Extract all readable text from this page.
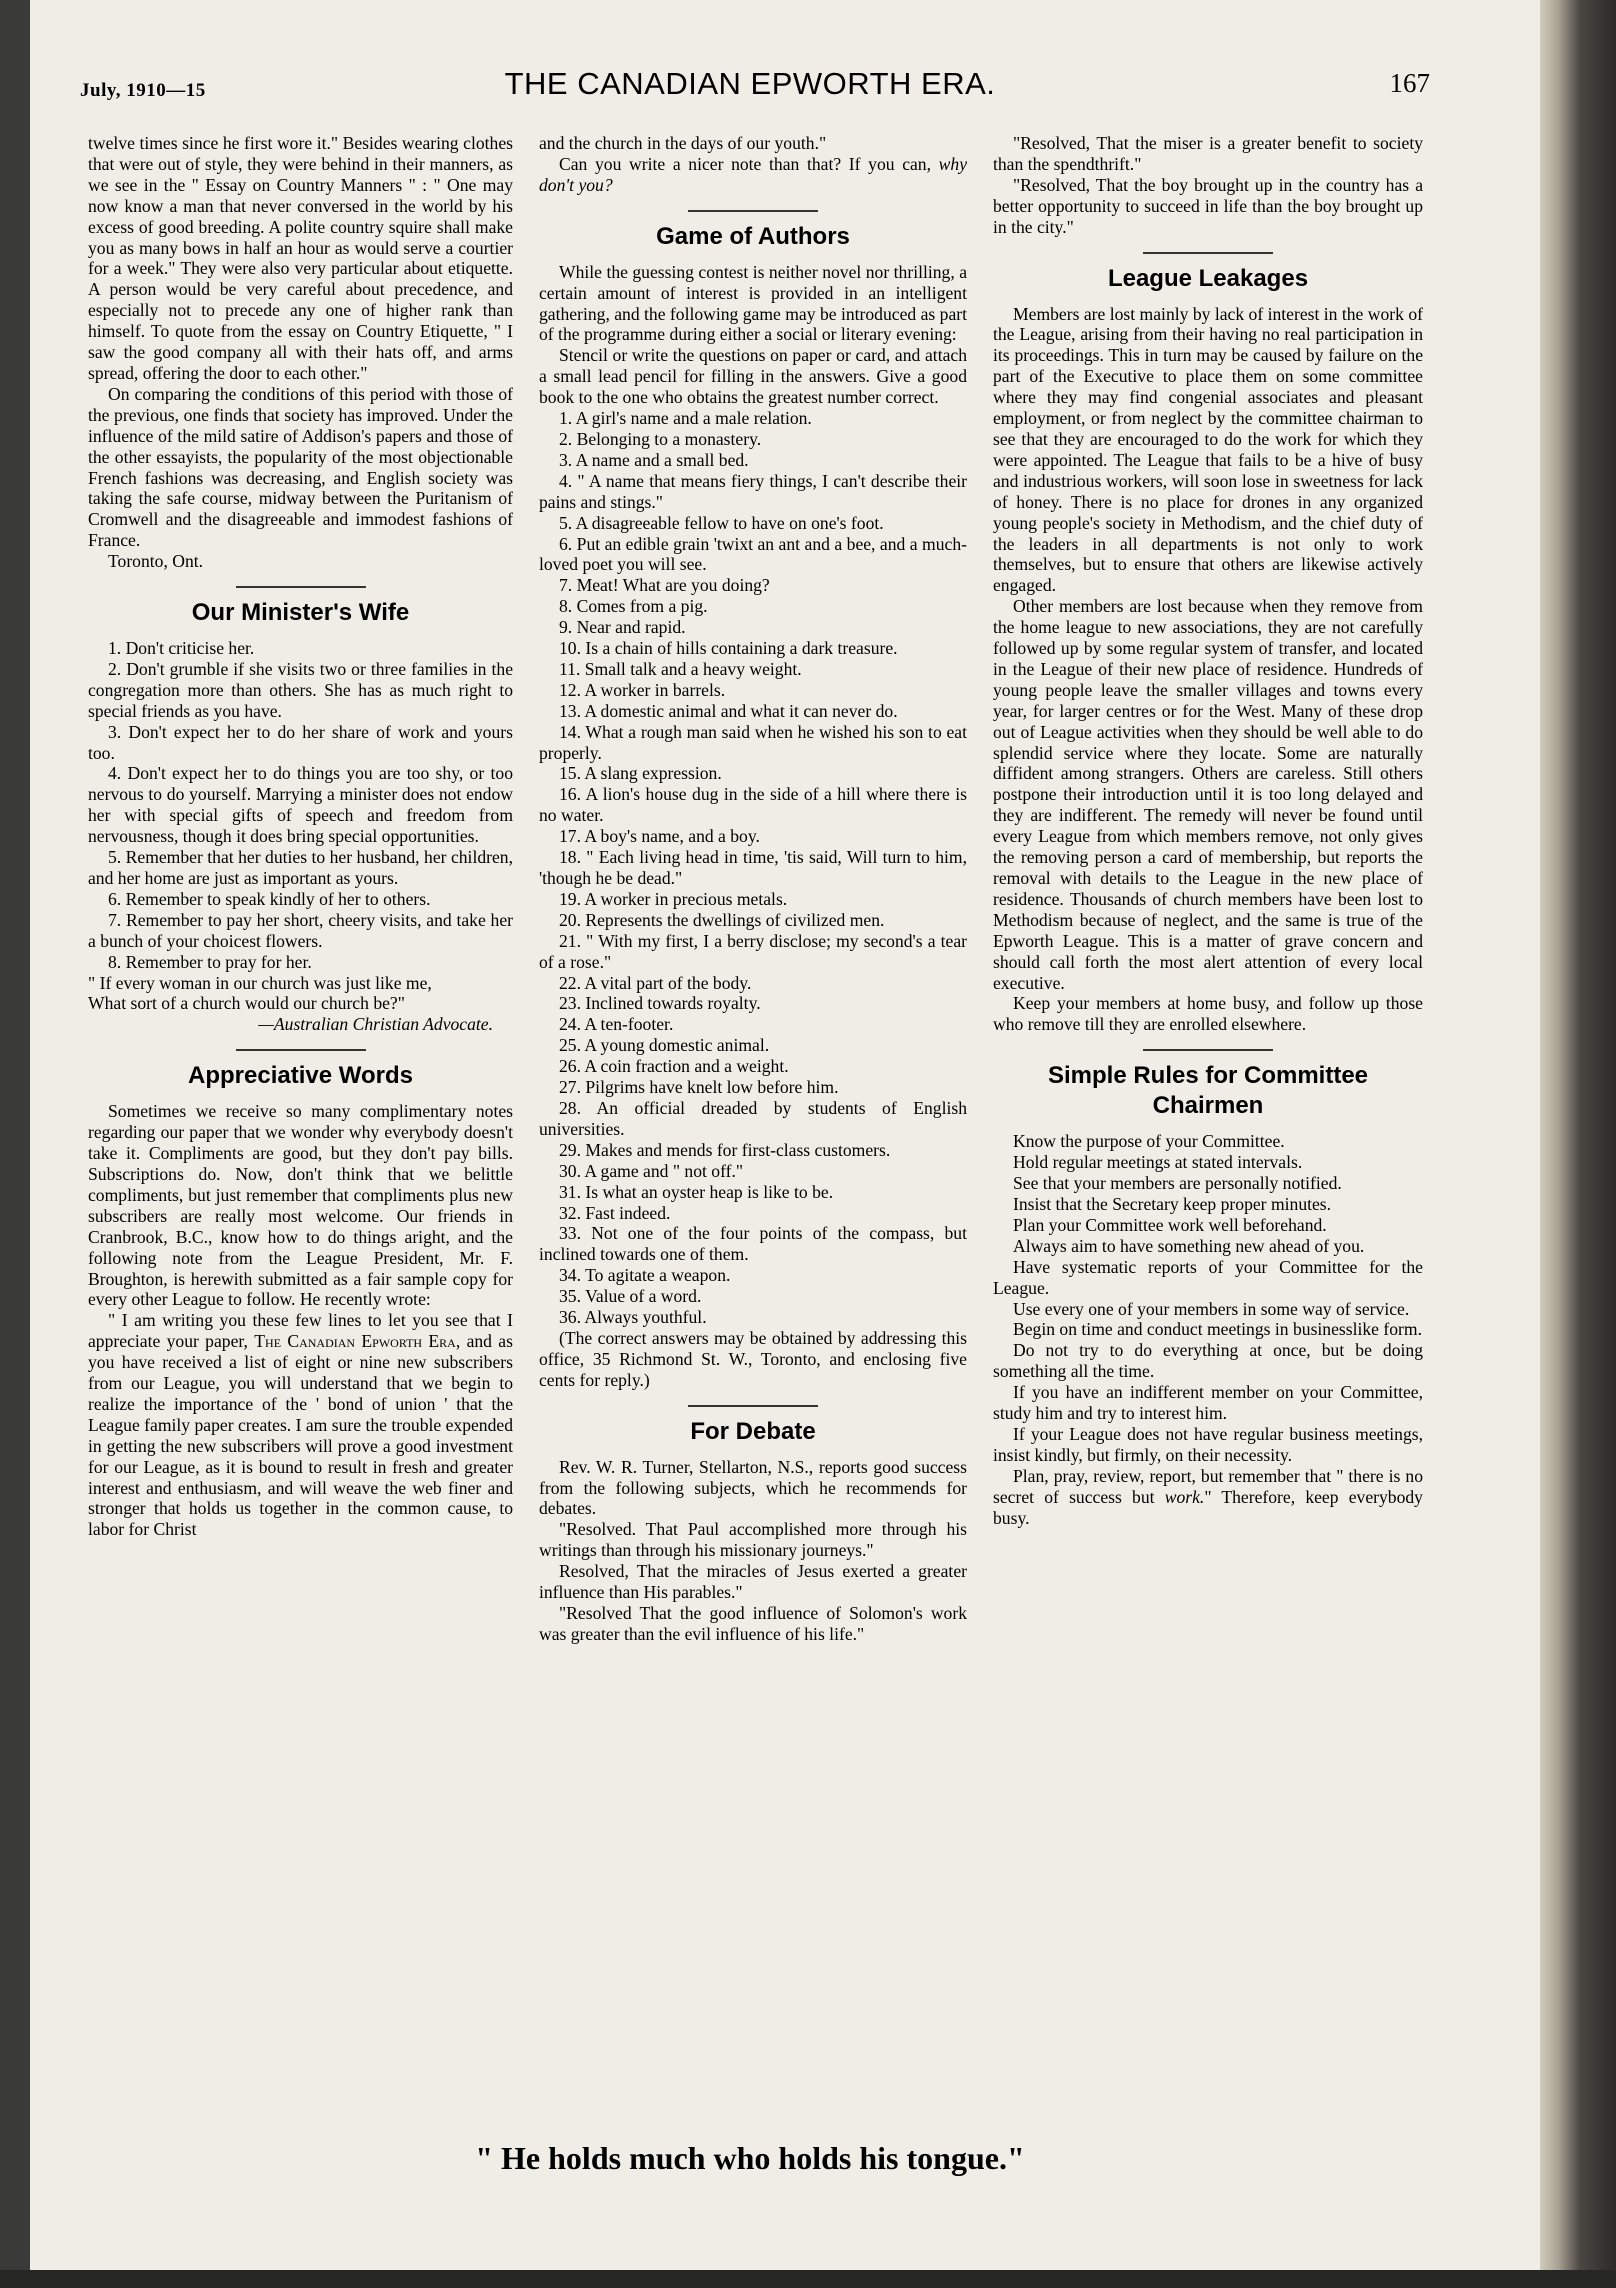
July, 1910—15	THE CANADIAN EPWORTH ERA.	167

twelve times since he first wore it." Besides wearing clothes that were out of style, they were behind in their manners, as we see in the " Essay on Country Manners " : " One may now know a man that never conversed in the world by his excess of good breeding. A polite country squire shall make you as many bows in half an hour as would serve a courtier for a week." They were also very particular about etiquette. A person would be very careful about precedence, and especially not to precede any one of higher rank than himself. To quote from the essay on Country Etiquette, " I saw the good company all with their hats off, and arms spread, offering the door to each other."

On comparing the conditions of this period with those of the previous, one finds that society has improved. Under the influence of the mild satire of Addison's papers and those of the other essayists, the popularity of the most objectionable French fashions was decreasing, and English society was taking the safe course, midway between the Puritanism of Cromwell and the disagreeable and immodest fashions of France.

Toronto, Ont.

Our Minister's Wife

1. Don't criticise her.

2. Don't grumble if she visits two or three families in the congregation more than others. She has as much right to special friends as you have.

3. Don't expect her to do her share of work and yours too.

4. Don't expect her to do things you are too shy, or too nervous to do yourself. Marrying a minister does not endow her with special gifts of speech and freedom from nervousness, though it does bring special opportunities.

5. Remember that her duties to her husband, her children, and her home are just as important as yours.

6. Remember to speak kindly of her to others.

7. Remember to pay her short, cheery visits, and take her a bunch of your choicest flowers.

8. Remember to pray for her.

" If every woman in our church was just like me,

What sort of a church would our church be?"

—Australian Christian Advocate.

Appreciative Words

Sometimes we receive so many complimentary notes regarding our paper that we wonder why everybody doesn't take it. Compliments are good, but they don't pay bills. Subscriptions do. Now, don't think that we belittle compliments, but just remember that compliments plus new subscribers are really most welcome. Our friends in Cranbrook, B.C., know how to do things aright, and the following note from the League President, Mr. F. Broughton, is herewith submitted as a fair sample copy for every other League to follow. He recently wrote:

" I am writing you these few lines to let you see that I appreciate your paper, The Canadian Epworth Era, and as you have received a list of eight or nine new subscribers from our League, you will understand that we begin to realize the importance of the ' bond of union ' that the League family paper creates. I am sure the trouble expended in getting the new subscribers will prove a good investment for our League, as it is bound to result in fresh and greater interest and enthusiasm, and will weave the web finer and stronger that holds us together in the common cause, to labor for Christ

and the church in the days of our youth."

Can you write a nicer note than that? If you can, why don't you?

Game of Authors

While the guessing contest is neither novel nor thrilling, a certain amount of interest is provided in an intelligent gathering, and the following game may be introduced as part of the programme during either a social or literary evening:

Stencil or write the questions on paper or card, and attach a small lead pencil for filling in the answers. Give a good book to the one who obtains the greatest number correct.

1. A girl's name and a male relation.

2. Belonging to a monastery.

3. A name and a small bed.

4. " A name that means fiery things, I can't describe their pains and stings."

5. A disagreeable fellow to have on one's foot.

6. Put an edible grain 'twixt an ant and a bee, and a much-loved poet you will see.

7. Meat! What are you doing?

8. Comes from a pig.

9. Near and rapid.

10. Is a chain of hills containing a dark treasure.

11. Small talk and a heavy weight.

12. A worker in barrels.

13. A domestic animal and what it can never do.

14. What a rough man said when he wished his son to eat properly.

15. A slang expression.

16. A lion's house dug in the side of a hill where there is no water.

17. A boy's name, and a boy.

18. " Each living head in time, 'tis said, Will turn to him, 'though he be dead."

19. A worker in precious metals.

20. Represents the dwellings of civilized men.

21. " With my first, I a berry disclose; my second's a tear of a rose."

22. A vital part of the body.

23. Inclined towards royalty.

24. A ten-footer.

25. A young domestic animal.

26. A coin fraction and a weight.

27. Pilgrims have knelt low before him.

28. An official dreaded by students of English universities.

29. Makes and mends for first-class customers.

30. A game and " not off."

31. Is what an oyster heap is like to be.

32. Fast indeed.

33. Not one of the four points of the compass, but inclined towards one of them.

34. To agitate a weapon.

35. Value of a word.

36. Always youthful.

(The correct answers may be obtained by addressing this office, 35 Richmond St. W., Toronto, and enclosing five cents for reply.)

For Debate

Rev. W. R. Turner, Stellarton, N.S., reports good success from the following subjects, which he recommends for debates.

"Resolved. That Paul accomplished more through his writings than through his missionary journeys."

Resolved, That the miracles of Jesus exerted a greater influence than His parables."

"Resolved That the good influence of Solomon's work was greater than the evil influence of his life."

"Resolved, That the miser is a greater benefit to society than the spendthrift."

"Resolved, That the boy brought up in the country has a better opportunity to succeed in life than the boy brought up in the city."

League Leakages

Members are lost mainly by lack of interest in the work of the League, arising from their having no real participation in its proceedings. This in turn may be caused by failure on the part of the Executive to place them on some committee where they may find congenial associates and pleasant employment, or from neglect by the committee chairman to see that they are encouraged to do the work for which they were appointed. The League that fails to be a hive of busy and industrious workers, will soon lose in sweetness for lack of honey. There is no place for drones in any organized young people's society in Methodism, and the chief duty of the leaders in all departments is not only to work themselves, but to ensure that others are likewise actively engaged.

Other members are lost because when they remove from the home league to new associations, they are not carefully followed up by some regular system of transfer, and located in the League of their new place of residence. Hundreds of young people leave the smaller villages and towns every year, for larger centres or for the West. Many of these drop out of League activities when they should be well able to do splendid service where they locate. Some are naturally diffident among strangers. Others are careless. Still others postpone their introduction until it is too long delayed and they are indifferent. The remedy will never be found until every League from which members remove, not only gives the removing person a card of membership, but reports the removal with details to the League in the new place of residence. Thousands of church members have been lost to Methodism because of neglect, and the same is true of the Epworth League. This is a matter of grave concern and should call forth the most alert attention of every local executive.

Keep your members at home busy, and follow up those who remove till they are enrolled elsewhere.

Simple Rules for Committee Chairmen

Know the purpose of your Committee.

Hold regular meetings at stated intervals.

See that your members are personally notified.

Insist that the Secretary keep proper minutes.

Plan your Committee work well beforehand.

Always aim to have something new ahead of you.

Have systematic reports of your Committee for the League.

Use every one of your members in some way of service.

Begin on time and conduct meetings in businesslike form.

Do not try to do everything at once, but be doing something all the time.

If you have an indifferent member on your Committee, study him and try to interest him.

If your League does not have regular business meetings, insist kindly, but firmly, on their necessity.

Plan, pray, review, report, but remember that " there is no secret of success but work." Therefore, keep everybody busy.

" He holds much who holds his tongue."
